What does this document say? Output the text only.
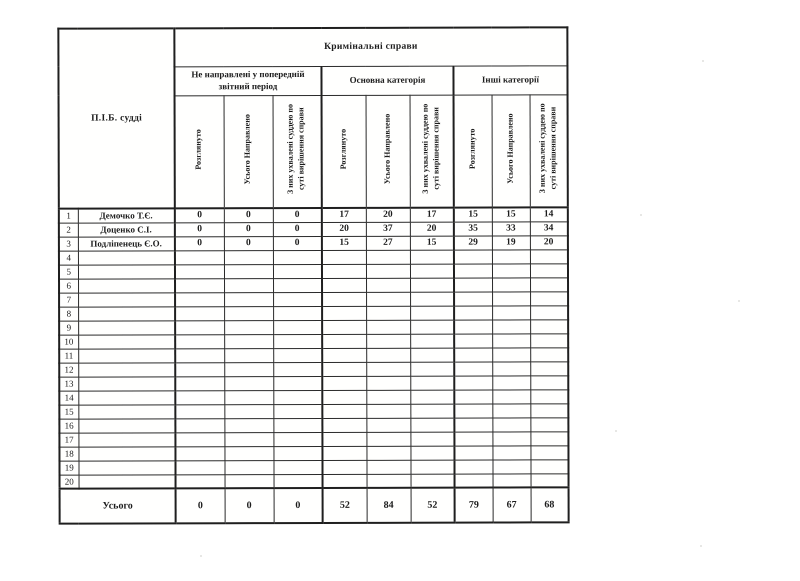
П.І.Б. судді		Кримінальні справи								
		Не направлені у попередній звітний період			Основна категорія			Інші категорії		
		Розглянуто	Усього Направлено	З них ухвалені суддею по суті вирішення справи	Розглянуто	Усього Направлено	З них ухвалені суддею по суті вирішення справи	Розглянуто	Усього Направлено	З них ухвалені суддею по суті вирішення справи
1	Демочко Т.Є.	0	0	0	17	20	17	15	15	14
2	Доценко С.І.	0	0	0	20	37	20	35	33	34
3	Подліпенець Є.О.	0	0	0	15	27	15	29	19	20
4										
5										
6										
7										
8										
9										
10										
11										
12										
13										
14										
15										
16										
17										
18										
19										
20										
Усього		0	0	0	52	84	52	79	67	68
